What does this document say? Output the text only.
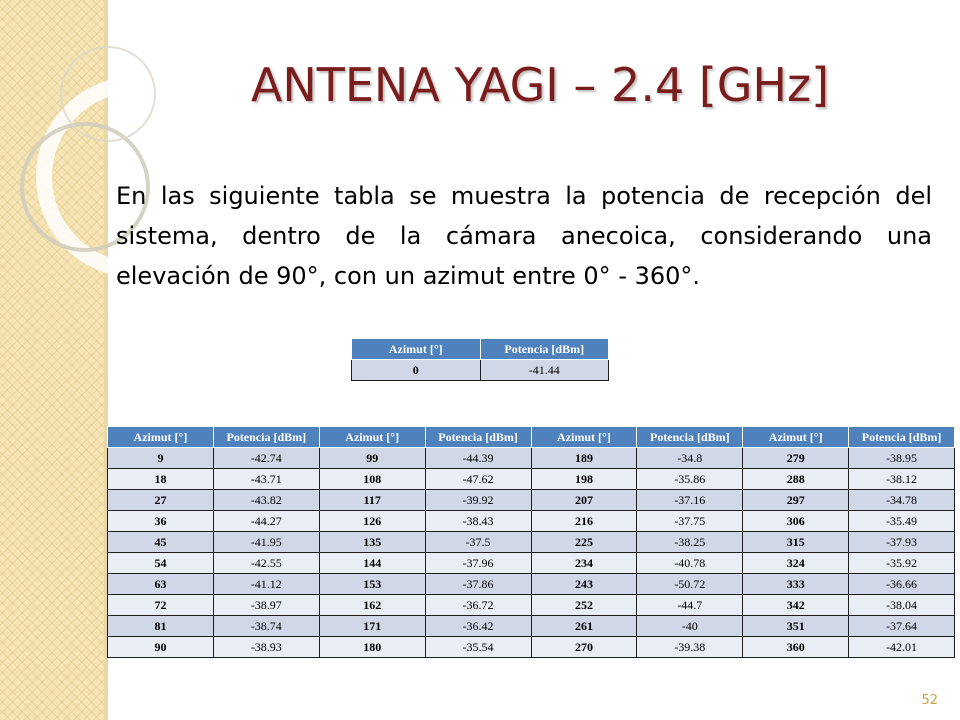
ANTENA YAGI – 2.4 [GHz]

En las siguiente tabla se muestra la potencia de recepción del sistema, dentro de la cámara anecoica, considerando una elevación de 90°, con un azimut entre 0° - 360°.

Azimut [°]	Potencia [dBm]
0	-41.44
Azimut [°]	Potencia [dBm]	Azimut [°]	Potencia [dBm]	Azimut [°]	Potencia [dBm]	Azimut [°]	Potencia [dBm]
9	-42.74	99	-44.39	189	-34.8	279	-38.95
18	-43.71	108	-47.62	198	-35.86	288	-38.12
27	-43.82	117	-39.92	207	-37.16	297	-34.78
36	-44.27	126	-38.43	216	-37.75	306	-35.49
45	-41.95	135	-37.5	225	-38.25	315	-37.93
54	-42.55	144	-37.96	234	-40.78	324	-35.92
63	-41.12	153	-37.86	243	-50.72	333	-36.66
72	-38.97	162	-36.72	252	-44.7	342	-38.04
81	-38.74	171	-36.42	261	-40	351	-37.64
90	-38.93	180	-35.54	270	-39.38	360	-42.01
52
